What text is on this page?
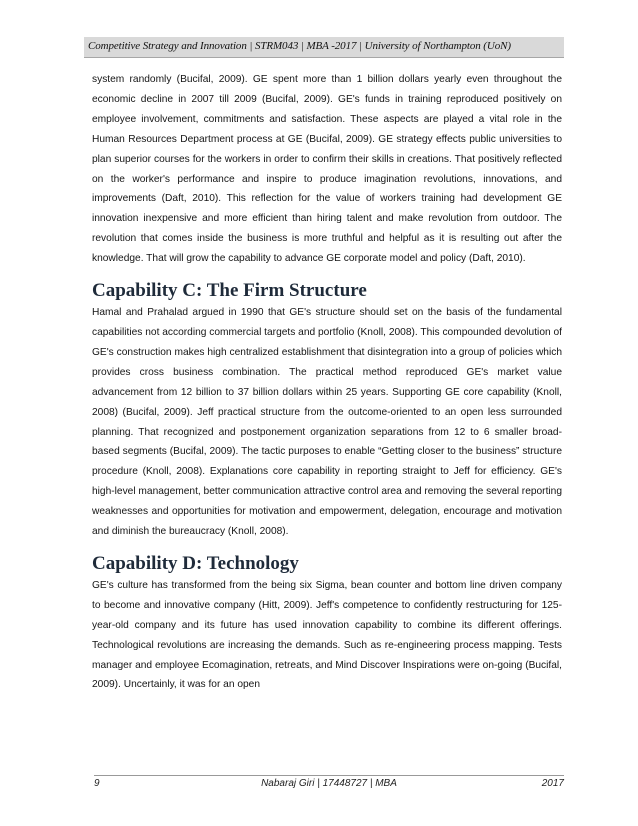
Competitive Strategy and Innovation | STRM043 | MBA -2017 | University of Northampton (UoN)

system randomly (Bucifal, 2009). GE spent more than 1 billion dollars yearly even throughout the economic decline in 2007 till 2009 (Bucifal, 2009). GE's funds in training reproduced positively on employee involvement, commitments and satisfaction. These aspects are played a vital role in the Human Resources Department process at GE (Bucifal, 2009). GE strategy effects public universities to plan superior courses for the workers in order to confirm their skills in creations. That positively reflected on the worker's performance and inspire to produce imagination revolutions, innovations, and improvements (Daft, 2010). This reflection for the value of workers training had development GE innovation inexpensive and more efficient than hiring talent and make revolution from outdoor. The revolution that comes inside the business is more truthful and helpful as it is resulting out after the knowledge. That will grow the capability to advance GE corporate model and policy (Daft, 2010).

Capability C: The Firm Structure

Hamal and Prahalad argued in 1990 that GE's structure should set on the basis of the fundamental capabilities not according commercial targets and portfolio (Knoll, 2008). This compounded devolution of GE's construction makes high centralized establishment that disintegration into a group of policies which provides cross business combination. The practical method reproduced GE's market value advancement from 12 billion to 37 billion dollars within 25 years. Supporting GE core capability (Knoll, 2008) (Bucifal, 2009). Jeff practical structure from the outcome-oriented to an open less surrounded planning. That recognized and postponement organization separations from 12 to 6 smaller broad-based segments (Bucifal, 2009). The tactic purposes to enable “Getting closer to the business” structure procedure (Knoll, 2008). Explanations core capability in reporting straight to Jeff for efficiency. GE's high-level management, better communication attractive control area and removing the several reporting weaknesses and opportunities for motivation and empowerment, delegation, encourage and motivation and diminish the bureaucracy (Knoll, 2008).

Capability D: Technology

GE's culture has transformed from the being six Sigma, bean counter and bottom line driven company to become and innovative company (Hitt, 2009). Jeff's competence to confidently restructuring for 125-year-old company and its future has used innovation capability to combine its different offerings. Technological revolutions are increasing the demands. Such as re-engineering process mapping. Tests manager and employee Ecomagination, retreats, and Mind Discover Inspirations were on-going (Bucifal, 2009). Uncertainly, it was for an open

9	Nabaraj Giri | 17448727 | MBA	2017
